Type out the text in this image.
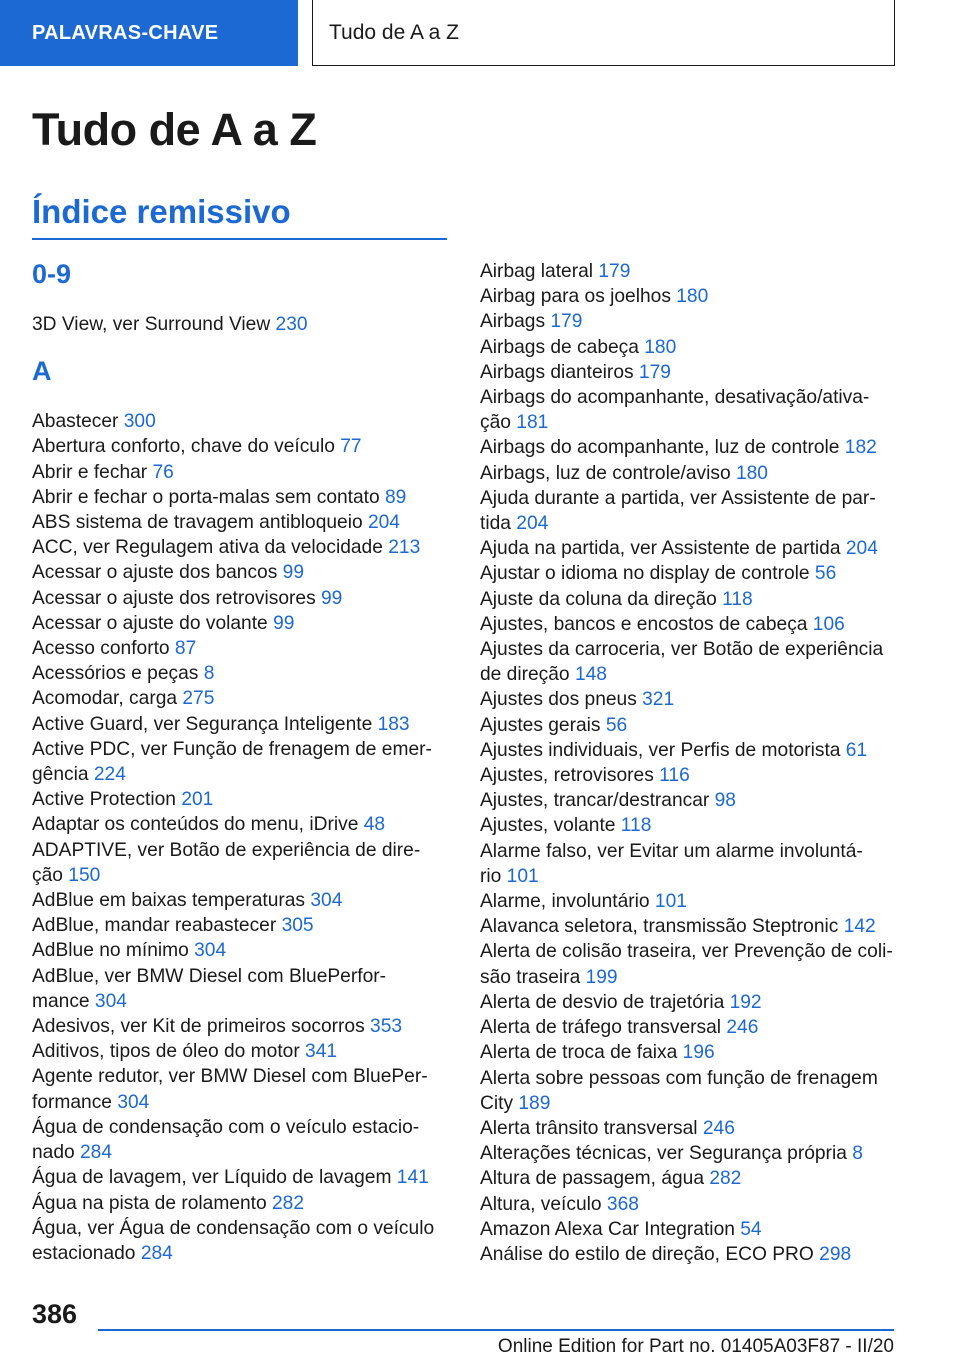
PALAVRAS-CHAVE	Tudo de A a Z
Tudo de A a Z
Índice remissivo
0-9
3D View, ver Surround View 230
A
Abastecer 300
Abertura conforto, chave do veículo 77
Abrir e fechar 76
Abrir e fechar o porta-malas sem contato 89
ABS sistema de travagem antibloqueio 204
ACC, ver Regulagem ativa da velocidade 213
Acessar o ajuste dos bancos 99
Acessar o ajuste dos retrovisores 99
Acessar o ajuste do volante 99
Acesso conforto 87
Acessórios e peças 8
Acomodar, carga 275
Active Guard, ver Segurança Inteligente 183
Active PDC, ver Função de frenagem de emer-
gência 224
Active Protection 201
Adaptar os conteúdos do menu, iDrive 48
ADAPTIVE, ver Botão de experiência de dire-
ção 150
AdBlue em baixas temperaturas 304
AdBlue, mandar reabastecer 305
AdBlue no mínimo 304
AdBlue, ver BMW Diesel com BluePerfor-
mance 304
Adesivos, ver Kit de primeiros socorros 353
Aditivos, tipos de óleo do motor 341
Agente redutor, ver BMW Diesel com BluePer-
formance 304
Água de condensação com o veículo estacio-
nado 284
Água de lavagem, ver Líquido de lavagem 141
Água na pista de rolamento 282
Água, ver Água de condensação com o veículo
estacionado 284
Airbag lateral 179
Airbag para os joelhos 180
Airbags 179
Airbags de cabeça 180
Airbags dianteiros 179
Airbags do acompanhante, desativação/ativa-
ção 181
Airbags do acompanhante, luz de controle 182
Airbags, luz de controle/aviso 180
Ajuda durante a partida, ver Assistente de par-
tida 204
Ajuda na partida, ver Assistente de partida 204
Ajustar o idioma no display de controle 56
Ajuste da coluna da direção 118
Ajustes, bancos e encostos de cabeça 106
Ajustes da carroceria, ver Botão de experiência
de direção 148
Ajustes dos pneus 321
Ajustes gerais 56
Ajustes individuais, ver Perfis de motorista 61
Ajustes, retrovisores 116
Ajustes, trancar/destrancar 98
Ajustes, volante 118
Alarme falso, ver Evitar um alarme involuntá-
rio 101
Alarme, involuntário 101
Alavanca seletora, transmissão Steptronic 142
Alerta de colisão traseira, ver Prevenção de coli-
são traseira 199
Alerta de desvio de trajetória 192
Alerta de tráfego transversal 246
Alerta de troca de faixa 196
Alerta sobre pessoas com função de frenagem
City 189
Alerta trânsito transversal 246
Alterações técnicas, ver Segurança própria 8
Altura de passagem, água 282
Altura, veículo 368
Amazon Alexa Car Integration 54
Análise do estilo de direção, ECO PRO 298
386
Online Edition for Part no. 01405A03F87 - II/20
